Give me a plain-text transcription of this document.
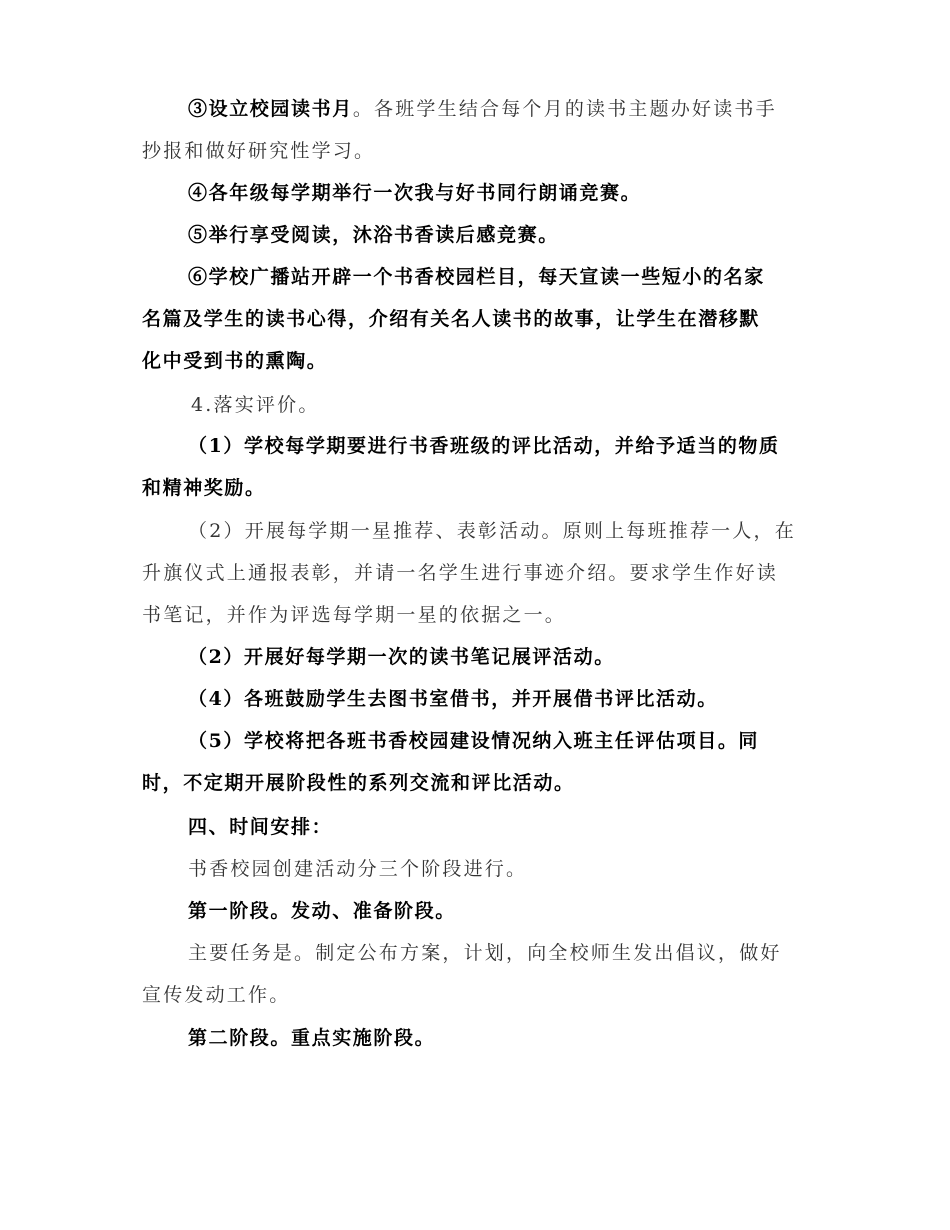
③设立校园读书月。各班学生结合每个月的读书主题办好读书手
抄报和做好研究性学习。
④各年级每学期举行一次我与好书同行朗诵竞赛。
⑤举行享受阅读，沐浴书香读后感竞赛。
⑥学校广播站开辟一个书香校园栏目，每天宣读一些短小的名家
名篇及学生的读书心得，介绍有关名人读书的故事，让学生在潜移默
化中受到书的熏陶。
4.落实评价。
（1）学校每学期要进行书香班级的评比活动，并给予适当的物质
和精神奖励。
（2）开展每学期一星推荐、表彰活动。原则上每班推荐一人，在
升旗仪式上通报表彰，并请一名学生进行事迹介绍。要求学生作好读
书笔记，并作为评选每学期一星的依据之一。
（2）开展好每学期一次的读书笔记展评活动。
（4）各班鼓励学生去图书室借书，并开展借书评比活动。
（5）学校将把各班书香校园建设情况纳入班主任评估项目。同
时，不定期开展阶段性的系列交流和评比活动。
四、时间安排：
书香校园创建活动分三个阶段进行。
第一阶段。发动、准备阶段。
主要任务是。制定公布方案，计划，向全校师生发出倡议，做好
宣传发动工作。
第二阶段。重点实施阶段。
